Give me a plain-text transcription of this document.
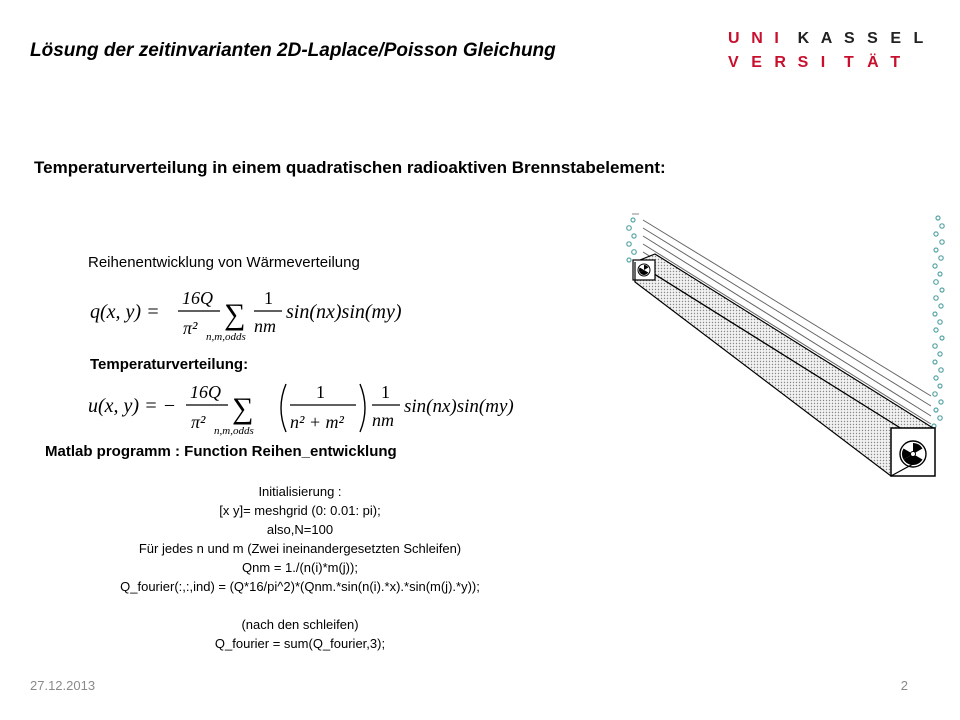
Lösung der zeitinvarianten 2D-Laplace/Poisson Gleichung
U N I K A S S E L
V E R S I T Ä T
Temperaturverteilung in einem quadratischen radioaktiven Brennstabelement:
Reihenentwicklung von Wärmeverteilung
q(x, y) =
16Q
π² ∑
n,m,odds
1
nm
sin(nx)sin(my)
Temperaturverteilung:
u(x, y) = −
16Q
π² ∑
n,m,odds
1
n² + m²
1
nm
sin(nx)sin(my)
Matlab programm : Function Reihen_entwicklung
Initialisierung :
[x y]= meshgrid (0: 0.01: pi);
also,N=100
Für jedes n und m (Zwei ineinandergesetzten Schleifen)
Qnm = 1./(n(i)*m(j));
Q_fourier(:,:,ind) = (Q*16/pi^2)*(Qnm.*sin(n(i).*x).*sin(m(j).*y));
(nach den schleifen)
Q_fourier = sum(Q_fourier,3);
27.12.2013	2
